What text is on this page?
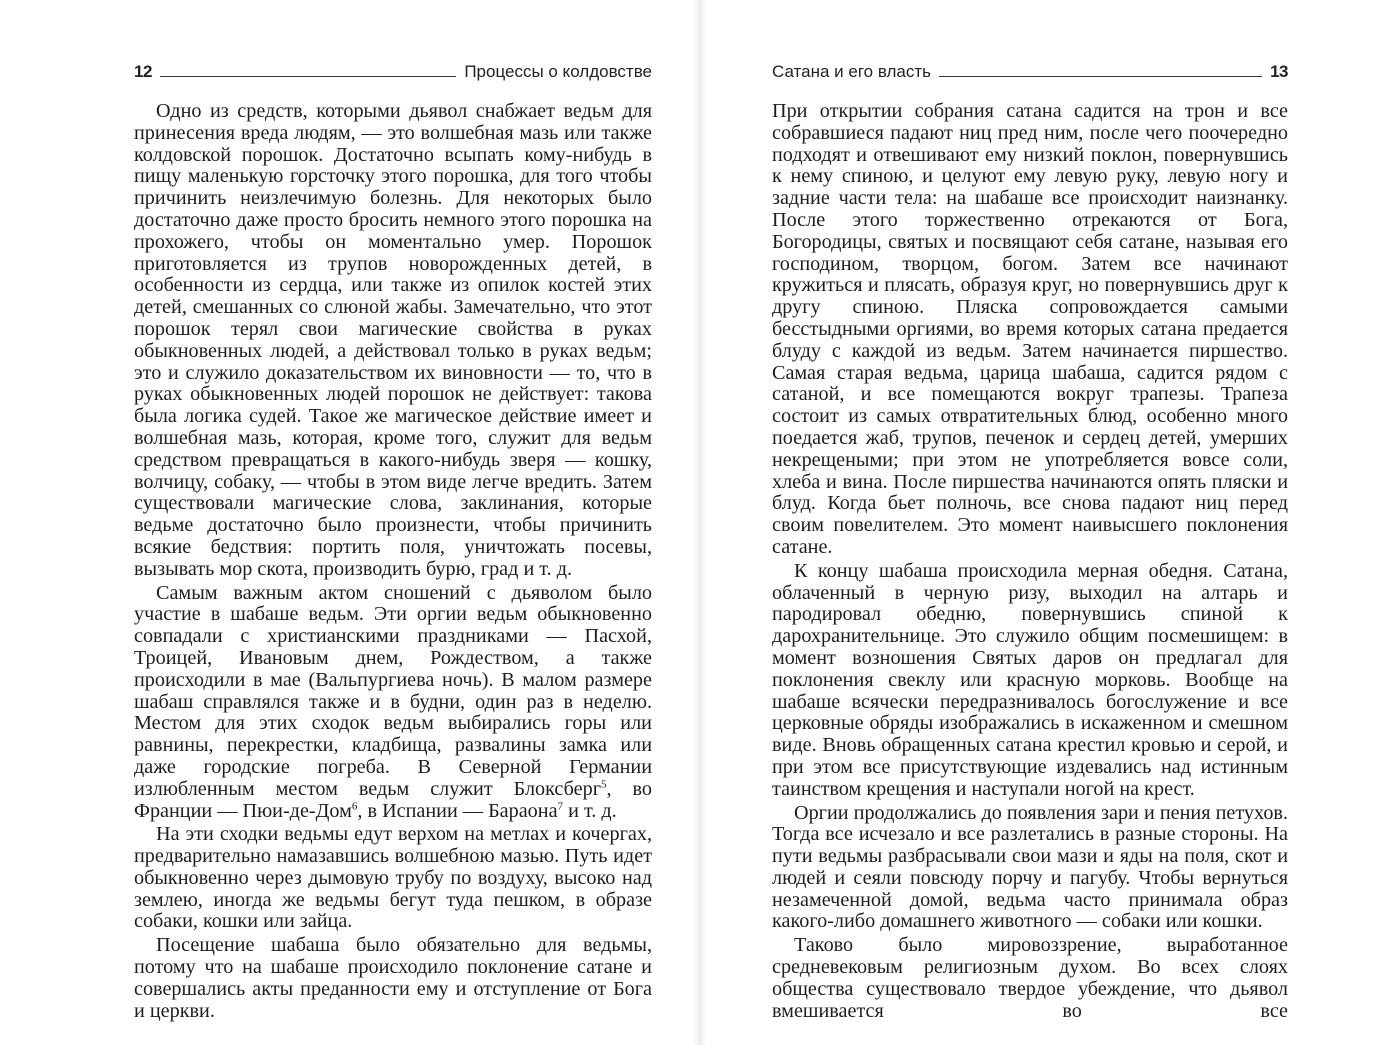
12	Процессы о колдовстве

Одно из средств, которыми дьявол снабжает ведьм для принесения вреда людям, — это волшебная мазь или также колдовской порошок. Достаточно всыпать кому-нибудь в пищу маленькую горсточку этого порошка, для того чтобы причинить неизлечимую болезнь. Для некоторых было достаточно даже просто бросить немного этого порошка на прохожего, чтобы он моментально умер. Порошок приготовляется из трупов новорожденных детей, в особенности из сердца, или также из опилок костей этих детей, смешанных со слюной жабы. Замечательно, что этот порошок терял свои магические свойства в руках обыкновенных людей, а действовал только в руках ведьм; это и служило доказательством их виновности — то, что в руках обыкновенных людей порошок не действует: такова была логика судей. Такое же магическое действие имеет и волшебная мазь, которая, кроме того, служит для ведьм средством превращаться в какого-нибудь зверя — кошку, волчицу, собаку, — чтобы в этом виде легче вредить. Затем существовали магические слова, заклинания, которые ведьме достаточно было произнести, чтобы причинить всякие бедствия: портить поля, уничтожать посевы, вызывать мор скота, производить бурю, град и т. д.

Самым важным актом сношений с дьяволом было участие в шабаше ведьм. Эти оргии ведьм обыкновенно совпадали с христианскими праздниками — Пасхой, Троицей, Ивановым днем, Рождеством, а также происходили в мае (Вальпургиева ночь). В малом размере шабаш справлялся также и в будни, один раз в неделю. Местом для этих сходок ведьм выбирались горы или равнины, перекрестки, кладбища, развалины замка или даже городские погреба. В Северной Германии излюбленным местом ведьм служит Блоксберг$^5$, во Франции — Пюи-де-Дом$^6$, в Испании — Бараона$^7$ и т. д.

На эти сходки ведьмы едут верхом на метлах и кочергах, предварительно намазавшись волшебною мазью. Путь идет обыкновенно через дымовую трубу по воздуху, высоко над землею, иногда же ведьмы бегут туда пешком, в образе собаки, кошки или зайца.

Посещение шабаша было обязательно для ведьмы, потому что на шабаше происходило поклонение сатане и совершались акты преданности ему и отступление от Бога и церкви.

Сатана и его власть	13

При открытии собрания сатана садится на трон и все собравшиеся падают ниц пред ним, после чего поочередно подходят и отвешивают ему низкий поклон, повернувшись к нему спиною, и целуют ему левую руку, левую ногу и задние части тела: на шабаше все происходит наизнанку. После этого торжественно отрекаются от Бога, Богородицы, святых и посвящают себя сатане, называя его господином, творцом, богом. Затем все начинают кружиться и плясать, образуя круг, но повернувшись друг к другу спиною. Пляска сопровождается самыми бесстыдными оргиями, во время которых сатана предается блуду с каждой из ведьм. Затем начинается пиршество. Самая старая ведьма, царица шабаша, садится рядом с сатаной, и все помещаются вокруг трапезы. Трапеза состоит из самых отвратительных блюд, особенно много поедается жаб, трупов, печенок и сердец детей, умерших некрещеными; при этом не употребляется вовсе соли, хлеба и вина. После пиршества начинаются опять пляски и блуд. Когда бьет полночь, все снова падают ниц перед своим повелителем. Это момент наивысшего поклонения сатане.

К концу шабаша происходила мерная обедня. Сатана, облаченный в черную ризу, выходил на алтарь и пародировал обедню, повернувшись спиной к дарохранительнице. Это служило общим посмешищем: в момент возношения Святых даров он предлагал для поклонения свеклу или красную морковь. Вообще на шабаше всячески передразнивалось богослужение и все церковные обряды изображались в искаженном и смешном виде. Вновь обращенных сатана крестил кровью и серой, и при этом все присутствующие издевались над истинным таинством крещения и наступали ногой на крест.

Оргии продолжались до появления зари и пения петухов. Тогда все исчезало и все разлетались в разные стороны. На пути ведьмы разбрасывали свои мази и яды на поля, скот и людей и сеяли повсюду порчу и пагубу. Чтобы вернуться незамеченной домой, ведьма часто принимала образ какого-либо домашнего животного — собаки или кошки.

Таково было мировоззрение, выработанное средневековым религиозным духом. Во всех слоях общества существовало твердое убеждение, что дьявол вмешивается во все
